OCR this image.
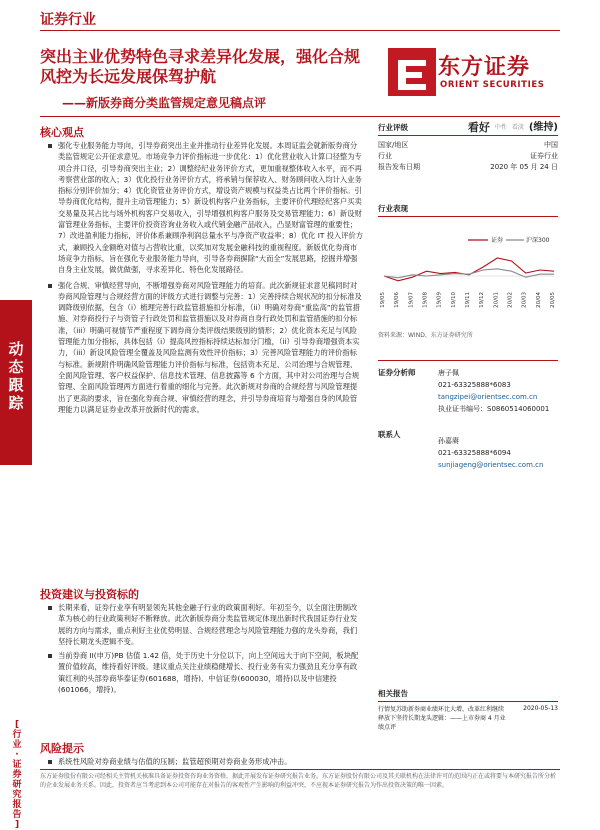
动
态
跟
踪
[
行
业
·
证
券
研
究
报
告
]
证券行业
突出主业优势特色寻求差异化发展，强化合规风控为长远发展保驾护航
——新版券商分类监管规定意见稿点评
东方证券
ORIENT SECURITIES
核心观点

强化专业服务能力导向，引导券商突出主业并推动行业差异化发展。本周证监会就新版券商分类监管规定公开征求意见。市场竞争力评价指标进一步优化：1）优化营业收入计算口径整为专项合并口径，引导券商突出主业；2）调整经纪业务评价方式，更加重视整体收入水平，而不再考察营业部的收入；3）优化投行业务评价方式，将承销与保荐收入、财务顾问收入均计入业务指标分别评价加分；4）优化资管业务评价方式，增设资产规模与权益类占比两个评价指标。引导券商优化结构，提升主动管理能力；5）新设机构客户业务指标，主要评价代理经纪客户买卖交易量及其占比与场外机构客户交易收入，引导增强机构客户服务及交易管理能力；6）新设财富管理业务指标，主要评价投资咨询业务收入或代销金融产品收入，凸显财富管理的重要性；7）改进盈利能力指标，评价体系兼顾净利润总量水平与净资产收益率；8）优化 IT 投入评价方式，兼顾投入金额绝对值与占营收比重，以奖加对发展金融科技的重视程度。新版优化券商市场竞争力指标，旨在强化专业服务能力导向，引导各券商摒除“大而全”发展思路，挖掘并增强自身主业发展，做优做强，寻求差异化、特色化发展路径。

强化合规、审慎经营导向，不断增强券商对风险管理能力的培育。此次新规征求意见稿同时对券商风险管理与合规经营方面的评级方式进行调整与完善：1）完善持续合规状况的扣分标准及调降级别依据，包含（i）梳理完善行政监管措施扣分标准，（ii）明确对券商“重监高”的监管措施、对券商投行子与资管子行政处罚和监管措施以及对券商自身行政处罚和监管措施的扣分标准，（iii）明确可视情节严重程度下调券商分类评级结果级别的情形；2）优化资本充足与风险管理能力加分指标，具体包括（i）提高风控指标持续达标加分门槛，（ii）引导券商增强资本实力，（iii）新设风险管理全覆盖及风险监测有效性评价指标；3）完善风险管理能力的评价指标与标准。新规附件明确风险管理能力评价指标与标准，包括资本充足、公司治理与合规管理、全面风险管理、客户权益保护、信息技术管理、信息披露等 6 个方面，其中对公司治理与合规管理、全面风险管理两方面进行着重的细化与完善。此次新规对券商的合规经营与风险管理提出了更高的要求，旨在强化券商合规、审慎经营的理念，并引导券商培育与增强自身的风险管理能力以满足证券业改革开放新时代的需求。

投资建议与投资标的

长期来看，证券行业享有明显领先其他金融子行业的政策面利好。年初至今，以全面注册制改革为核心的行业政策利好不断释放。此次新版券商分类监管规定体现出新时代我国证券行业发展的方向与需求，重点利好主业优势明显、合规经营理念与风险管理能力强的龙头券商，我们坚持长期龙头逻辑不变。

当前券商 II(申万)PB 估值 1.42 倍，处于历史十分位以下，向上空间远大于向下空间，板块配置价值较高，维持看好评级。建议重点关注业绩稳健增长、投行业务有实力强劲且充分享有政策红利的头部券商华泰证券(601688，增持)、中信证券(600030，增持)以及中信建投(601066，增持)。

风险提示

系统性风险对券商业绩与估值的压制；监管超预期对券商业务形成冲击。

行业评级	看好 中性 看淡 (维持)
国家/地区	中国
行业	证券行业
报告发布日期	2020 年 05 月 24 日
行业表现
证券	沪深300
19/05 19/06 19/07 19/08 19/09 19/10 19/11 19/12 20/01 20/02 20/03 20/04 20/05
资料来源：WIND、东方证券研究所
证券分析师	唐子佩
021-63325888*6083
tangzipei@orientsec.com.cn
执业证书编号：S0860514060001
联系人
孙嘉赓
021-63325888*6094
sunjiageng@orientsec.com.cn
相关报告
行情复苏助新券商业绩环比大增，改革红利继续释放下坚持长期龙头逻辑：——上市券商 4 月业绩点评
2020-05-13
东方证券股份有限公司经相关主管机关核准具备证券投资咨询业务资格，据此开展发布证券研究报告业务。东方证券股份有限公司及其关联机构在法律许可的范围内正在或将要与本研究报告所分析的企业发展业务关系。因此，投资者应当考虑到本公司可能存在对报告的客观性产生影响的利益冲突，不应视本证券研究报告为作出投资决策的唯一因素。
